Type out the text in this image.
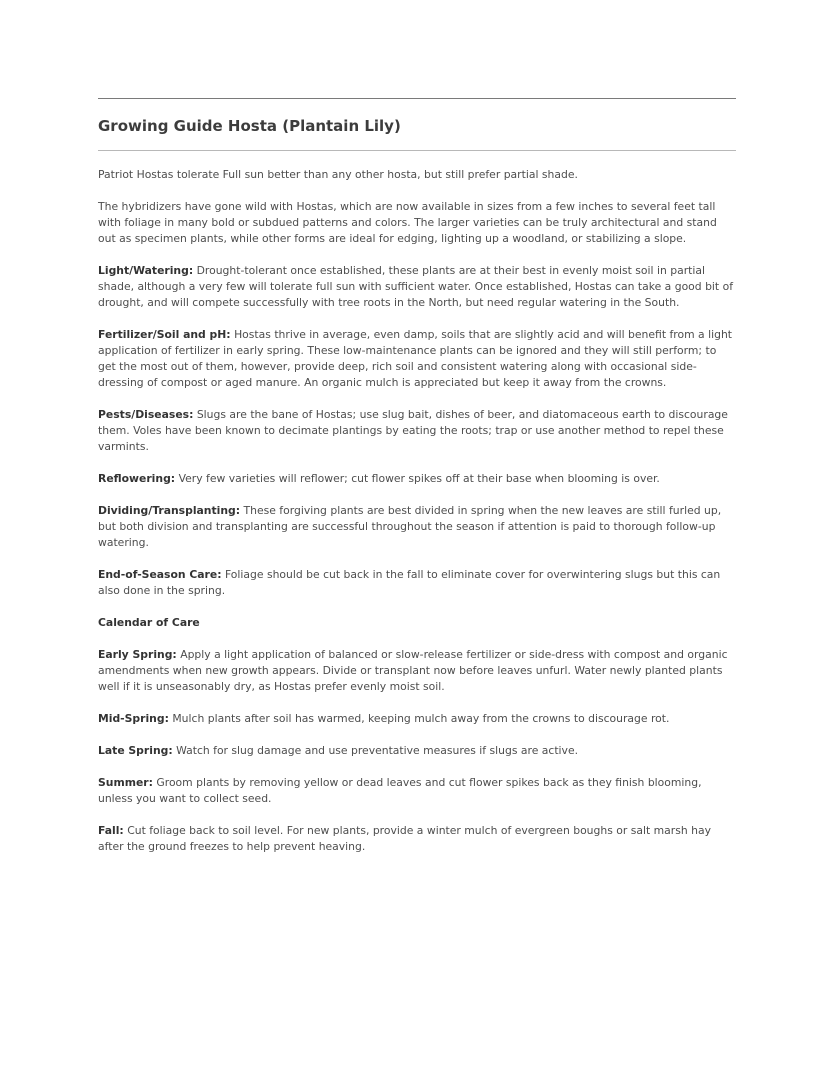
Growing Guide Hosta (Plantain Lily)

Patriot Hostas tolerate Full sun better than any other hosta, but still prefer partial shade.

The hybridizers have gone wild with Hostas, which are now available in sizes from a few inches to several feet tall with foliage in many bold or subdued patterns and colors. The larger varieties can be truly architectural and stand out as specimen plants, while other forms are ideal for edging, lighting up a woodland, or stabilizing a slope.

Light/Watering: Drought-tolerant once established, these plants are at their best in evenly moist soil in partial shade, although a very few will tolerate full sun with sufficient water. Once established, Hostas can take a good bit of drought, and will compete successfully with tree roots in the North, but need regular watering in the South.

Fertilizer/Soil and pH: Hostas thrive in average, even damp, soils that are slightly acid and will benefit from a light application of fertilizer in early spring. These low-maintenance plants can be ignored and they will still perform; to get the most out of them, however, provide deep, rich soil and consistent watering along with occasional side-dressing of compost or aged manure. An organic mulch is appreciated but keep it away from the crowns.

Pests/Diseases: Slugs are the bane of Hostas; use slug bait, dishes of beer, and diatomaceous earth to discourage them. Voles have been known to decimate plantings by eating the roots; trap or use another method to repel these varmints.

Reflowering: Very few varieties will reflower; cut flower spikes off at their base when blooming is over.

Dividing/Transplanting: These forgiving plants are best divided in spring when the new leaves are still furled up, but both division and transplanting are successful throughout the season if attention is paid to thorough follow-up watering.

End-of-Season Care: Foliage should be cut back in the fall to eliminate cover for overwintering slugs but this can also done in the spring.

Calendar of Care

Early Spring: Apply a light application of balanced or slow-release fertilizer or side-dress with compost and organic amendments when new growth appears. Divide or transplant now before leaves unfurl. Water newly planted plants well if it is unseasonably dry, as Hostas prefer evenly moist soil.

Mid-Spring: Mulch plants after soil has warmed, keeping mulch away from the crowns to discourage rot.

Late Spring: Watch for slug damage and use preventative measures if slugs are active.

Summer: Groom plants by removing yellow or dead leaves and cut flower spikes back as they finish blooming, unless you want to collect seed.

Fall: Cut foliage back to soil level. For new plants, provide a winter mulch of evergreen boughs or salt marsh hay after the ground freezes to help prevent heaving.
